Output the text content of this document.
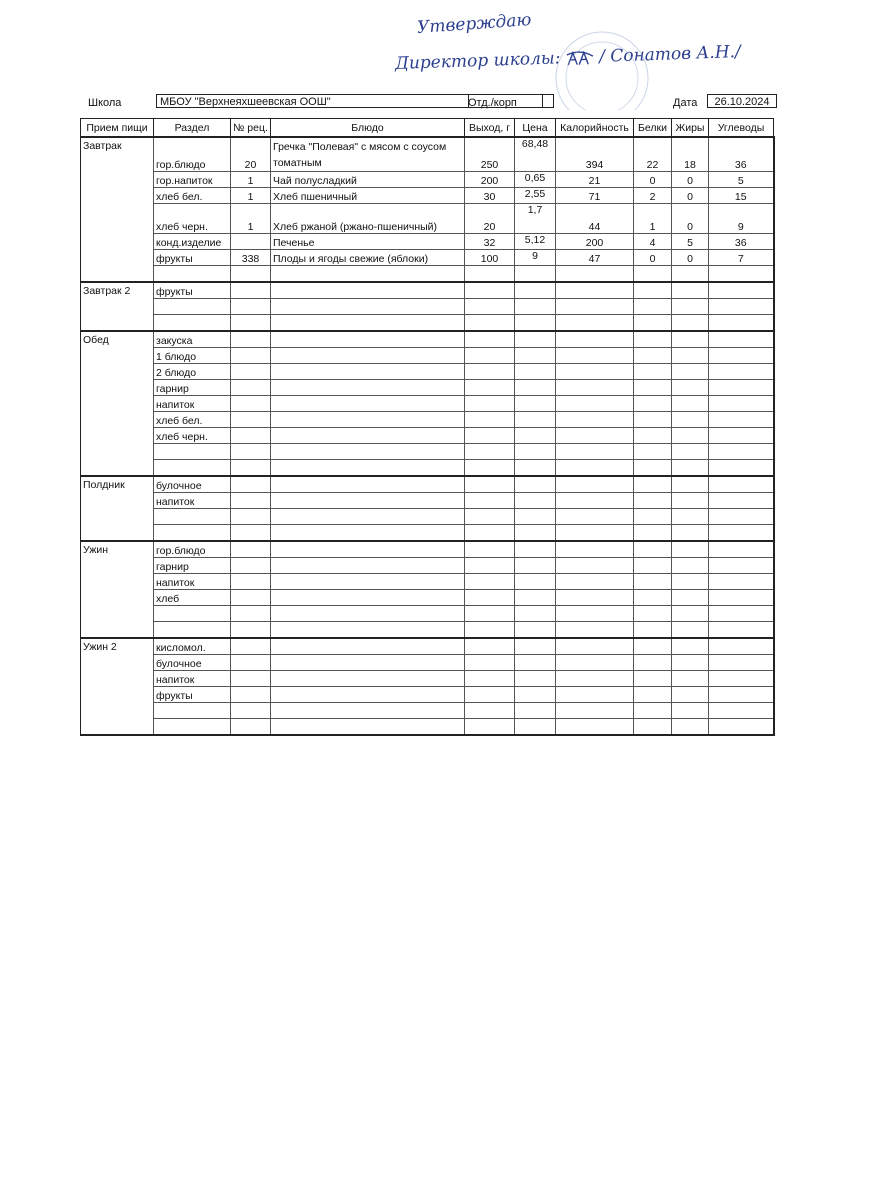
Утверждаю
Директор школы: / Сонатов А.Н./
Школа	МБОУ "Верхнеяхшеевская ООШ"	Отд./корп	Дата	26.10.2024
Прием пищи	Раздел	№ рец.	Блюдо	Выход, г	Цена	Калорийность	Белки	Жиры	Углеводы
Завтрак	гор.блюдо	20	Гречка "Полевая" с мясом с соусом томатным	250	68,48	394	22	18	36
	гор.напиток	1	Чай полусладкий	200	0,65	21	0	0	5
	хлеб бел.	1	Хлеб пшеничный	30	2,55	71	2	0	15
	хлеб черн.	1	Хлеб ржаной (ржано-пшеничный)	20	1,7	44	1	0	9
	конд.изделие		Печенье	32	5,12	200	4	5	36
	фрукты	338	Плоды и ягоды свежие (яблоки)	100	9	47	0	0	7

Завтрак 2	фрукты								

Обед	закуска								
	1 блюдо								
	2 блюдо								
	гарнир								
	напиток								
	хлеб бел.								
	хлеб черн.								

Полдник	булочное								
	напиток								

Ужин	гор.блюдо								
	гарнир								
	напиток								
	хлеб								

Ужин 2	кисломол.								
	булочное								
	напиток								
	фрукты								
